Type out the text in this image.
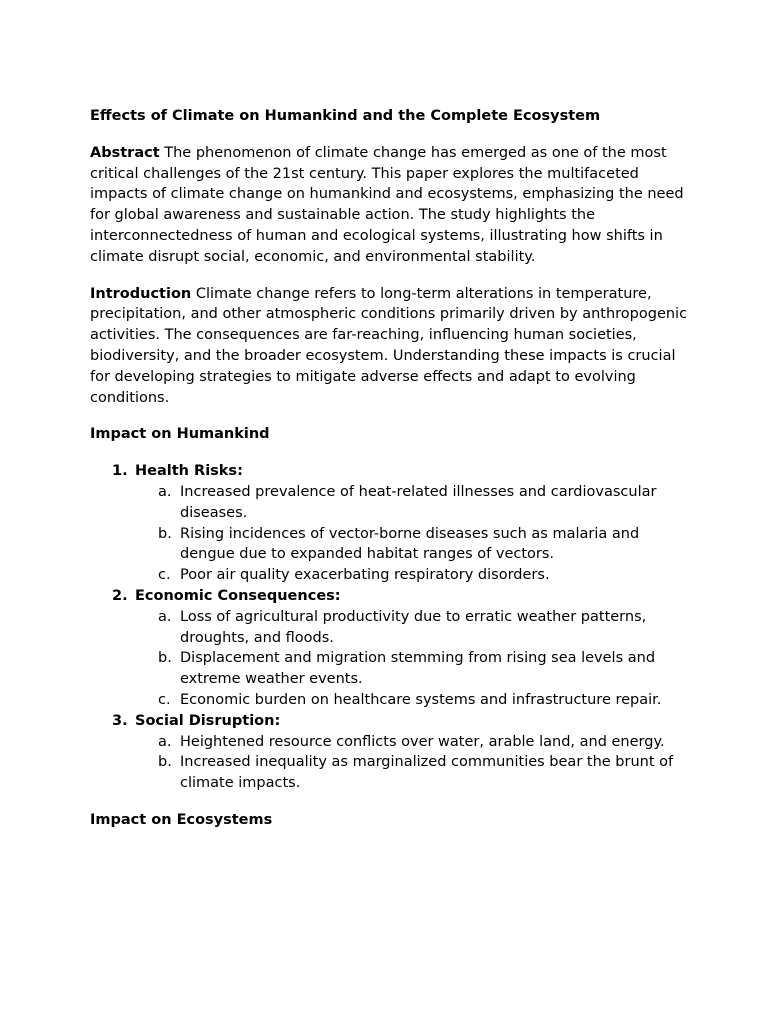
Effects of Climate on Humankind and the Complete Ecosystem

Abstract The phenomenon of climate change has emerged as one of the most critical challenges of the 21st century. This paper explores the multifaceted impacts of climate change on humankind and ecosystems, emphasizing the need for global awareness and sustainable action. The study highlights the interconnectedness of human and ecological systems, illustrating how shifts in climate disrupt social, economic, and environmental stability.

Introduction Climate change refers to long-term alterations in temperature, precipitation, and other atmospheric conditions primarily driven by anthropogenic activities. The consequences are far-reaching, influencing human societies, biodiversity, and the broader ecosystem. Understanding these impacts is crucial for developing strategies to mitigate adverse effects and adapt to evolving conditions.

Impact on Humankind
1. Health Risks:
a. Increased prevalence of heat-related illnesses and cardiovascular diseases.
b. Rising incidences of vector-borne diseases such as malaria and dengue due to expanded habitat ranges of vectors.
c. Poor air quality exacerbating respiratory disorders.
2. Economic Consequences:
a. Loss of agricultural productivity due to erratic weather patterns, droughts, and floods.
b. Displacement and migration stemming from rising sea levels and extreme weather events.
c. Economic burden on healthcare systems and infrastructure repair.
3. Social Disruption:
a. Heightened resource conflicts over water, arable land, and energy.
b. Increased inequality as marginalized communities bear the brunt of climate impacts.
Impact on Ecosystems
